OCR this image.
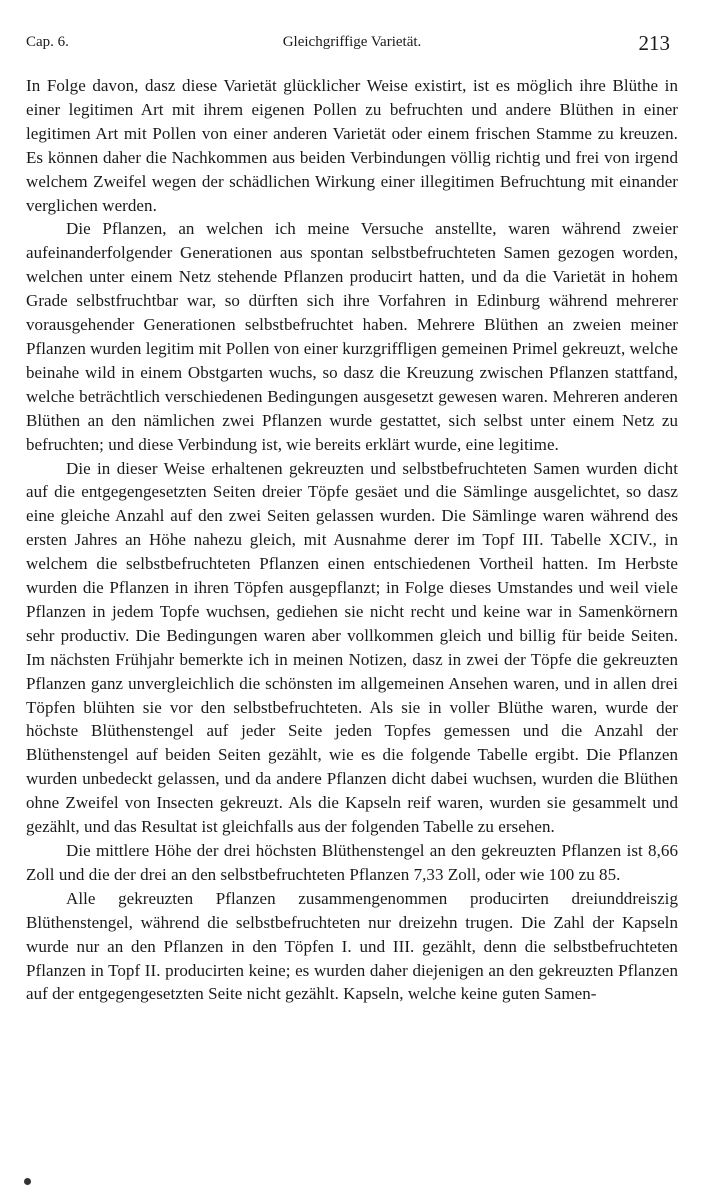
Cap. 6.	Gleichgriffige Varietät.	213

In Folge davon, dasz diese Varietät glücklicher Weise existirt, ist es möglich ihre Blüthe in einer legitimen Art mit ihrem eigenen Pollen zu befruchten und andere Blüthen in einer legitimen Art mit Pollen von einer anderen Varietät oder einem frischen Stamme zu kreuzen. Es können daher die Nachkommen aus beiden Verbindungen völlig richtig und frei von irgend welchem Zweifel wegen der schädlichen Wirkung einer illegitimen Befruchtung mit einander verglichen werden.

Die Pflanzen, an welchen ich meine Versuche anstellte, waren während zweier aufeinanderfolgender Generationen aus spontan selbstbefruchteten Samen gezogen worden, welchen unter einem Netz stehende Pflanzen producirt hatten, und da die Varietät in hohem Grade selbstfruchtbar war, so dürften sich ihre Vorfahren in Edinburg während mehrerer vorausgehender Generationen selbstbefruchtet haben. Mehrere Blüthen an zweien meiner Pflanzen wurden legitim mit Pollen von einer kurzgriffligen gemeinen Primel gekreuzt, welche beinahe wild in einem Obstgarten wuchs, so dasz die Kreuzung zwischen Pflanzen stattfand, welche beträchtlich verschiedenen Bedingungen ausgesetzt gewesen waren. Mehreren anderen Blüthen an den nämlichen zwei Pflanzen wurde gestattet, sich selbst unter einem Netz zu befruchten; und diese Verbindung ist, wie bereits erklärt wurde, eine legitime.

Die in dieser Weise erhaltenen gekreuzten und selbstbefruchteten Samen wurden dicht auf die entgegengesetzten Seiten dreier Töpfe gesäet und die Sämlinge ausgelichtet, so dasz eine gleiche Anzahl auf den zwei Seiten gelassen wurden. Die Sämlinge waren während des ersten Jahres an Höhe nahezu gleich, mit Ausnahme derer im Topf III. Tabelle XCIV., in welchem die selbstbefruchteten Pflanzen einen entschiedenen Vortheil hatten. Im Herbste wurden die Pflanzen in ihren Töpfen ausgepflanzt; in Folge dieses Umstandes und weil viele Pflanzen in jedem Topfe wuchsen, gediehen sie nicht recht und keine war in Samenkörnern sehr productiv. Die Bedingungen waren aber vollkommen gleich und billig für beide Seiten. Im nächsten Frühjahr bemerkte ich in meinen Notizen, dasz in zwei der Töpfe die gekreuzten Pflanzen ganz unvergleichlich die schönsten im allgemeinen Ansehen waren, und in allen drei Töpfen blühten sie vor den selbstbefruchteten. Als sie in voller Blüthe waren, wurde der höchste Blüthenstengel auf jeder Seite jeden Topfes gemessen und die Anzahl der Blüthenstengel auf beiden Seiten gezählt, wie es die folgende Tabelle ergibt. Die Pflanzen wurden unbedeckt gelassen, und da andere Pflanzen dicht dabei wuchsen, wurden die Blüthen ohne Zweifel von Insecten gekreuzt. Als die Kapseln reif waren, wurden sie gesammelt und gezählt, und das Resultat ist gleichfalls aus der folgenden Tabelle zu ersehen.

Die mittlere Höhe der drei höchsten Blüthenstengel an den gekreuzten Pflanzen ist 8,66 Zoll und die der drei an den selbstbefruchteten Pflanzen 7,33 Zoll, oder wie 100 zu 85.

Alle gekreuzten Pflanzen zusammengenommen producirten dreiunddreiszig Blüthenstengel, während die selbstbefruchteten nur dreizehn trugen. Die Zahl der Kapseln wurde nur an den Pflanzen in den Töpfen I. und III. gezählt, denn die selbstbefruchteten Pflanzen in Topf II. producirten keine; es wurden daher diejenigen an den gekreuzten Pflanzen auf der entgegengesetzten Seite nicht gezählt. Kapseln, welche keine guten Samen-
